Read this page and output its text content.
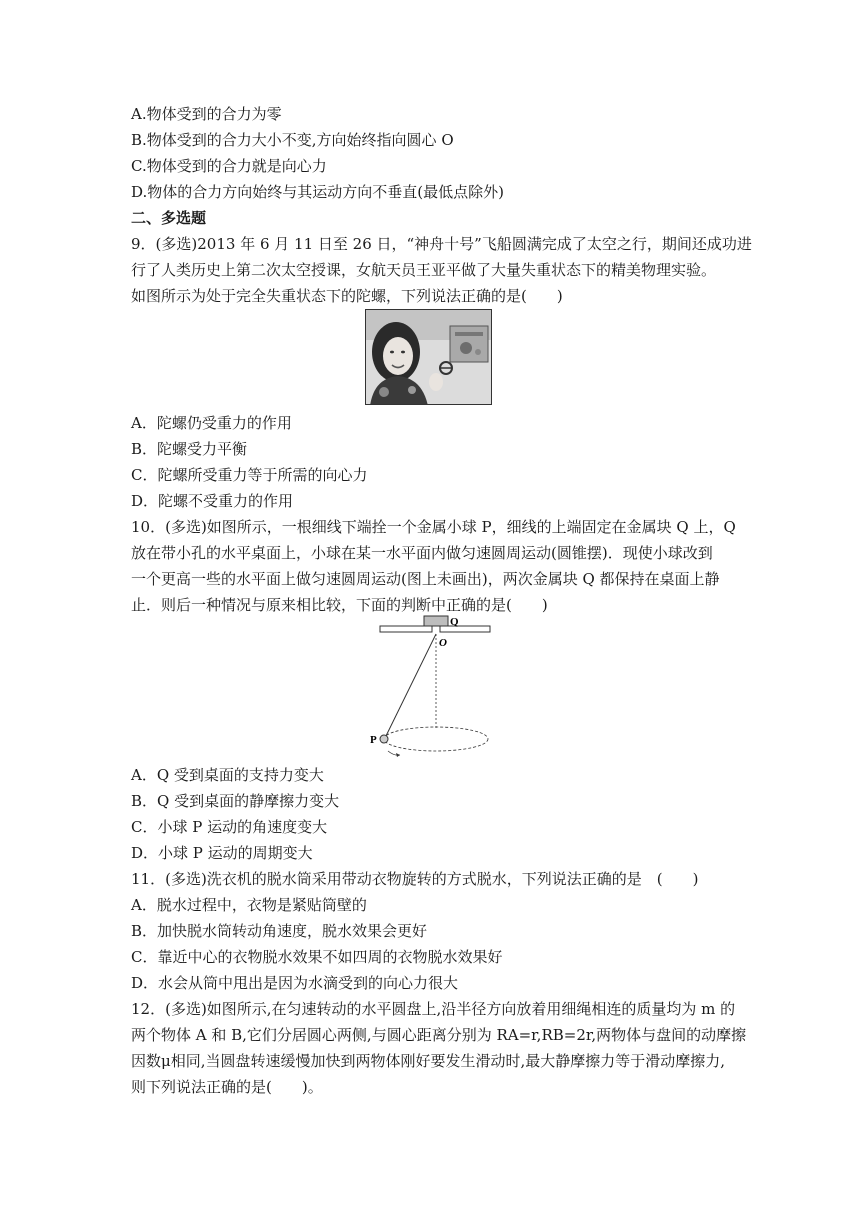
A.物体受到的合力为零
B.物体受到的合力大小不变,方向始终指向圆心 O
C.物体受到的合力就是向心力
D.物体的合力方向始终与其运动方向不垂直(最低点除外)
二、多选题
9．(多选)2013 年 6 月 11 日至 26 日，“神舟十号”飞船圆满完成了太空之行，期间还成功进
行了人类历史上第二次太空授课，女航天员王亚平做了大量失重状态下的精美物理实验。
如图所示为处于完全失重状态下的陀螺，下列说法正确的是(　　)
A．陀螺仍受重力的作用
B．陀螺受力平衡
C．陀螺所受重力等于所需的向心力
D．陀螺不受重力的作用
10．(多选)如图所示，一根细线下端拴一个金属小球 P，细线的上端固定在金属块 Q 上，Q
放在带小孔的水平桌面上，小球在某一水平面内做匀速圆周运动(圆锥摆)．现使小球改到
一个更高一些的水平面上做匀速圆周运动(图上未画出)，两次金属块 Q 都保持在桌面上静
止．则后一种情况与原来相比较，下面的判断中正确的是(　　)
Q
O
P
A．Q 受到桌面的支持力变大
B．Q 受到桌面的静摩擦力变大
C．小球 P 运动的角速度变大
D．小球 P 运动的周期变大
11．(多选)洗衣机的脱水筒采用带动衣物旋转的方式脱水，下列说法正确的是　(　　)
A．脱水过程中，衣物是紧贴筒壁的
B．加快脱水筒转动角速度，脱水效果会更好
C．靠近中心的衣物脱水效果不如四周的衣物脱水效果好
D．水会从筒中甩出是因为水滴受到的向心力很大
12．(多选)如图所示,在匀速转动的水平圆盘上,沿半径方向放着用细绳相连的质量均为 m 的
两个物体 A 和 B,它们分居圆心两侧,与圆心距离分别为 RA=r,RB=2r,两物体与盘间的动摩擦
因数μ相同,当圆盘转速缓慢加快到两物体刚好要发生滑动时,最大静摩擦力等于滑动摩擦力,
则下列说法正确的是(　　)。
